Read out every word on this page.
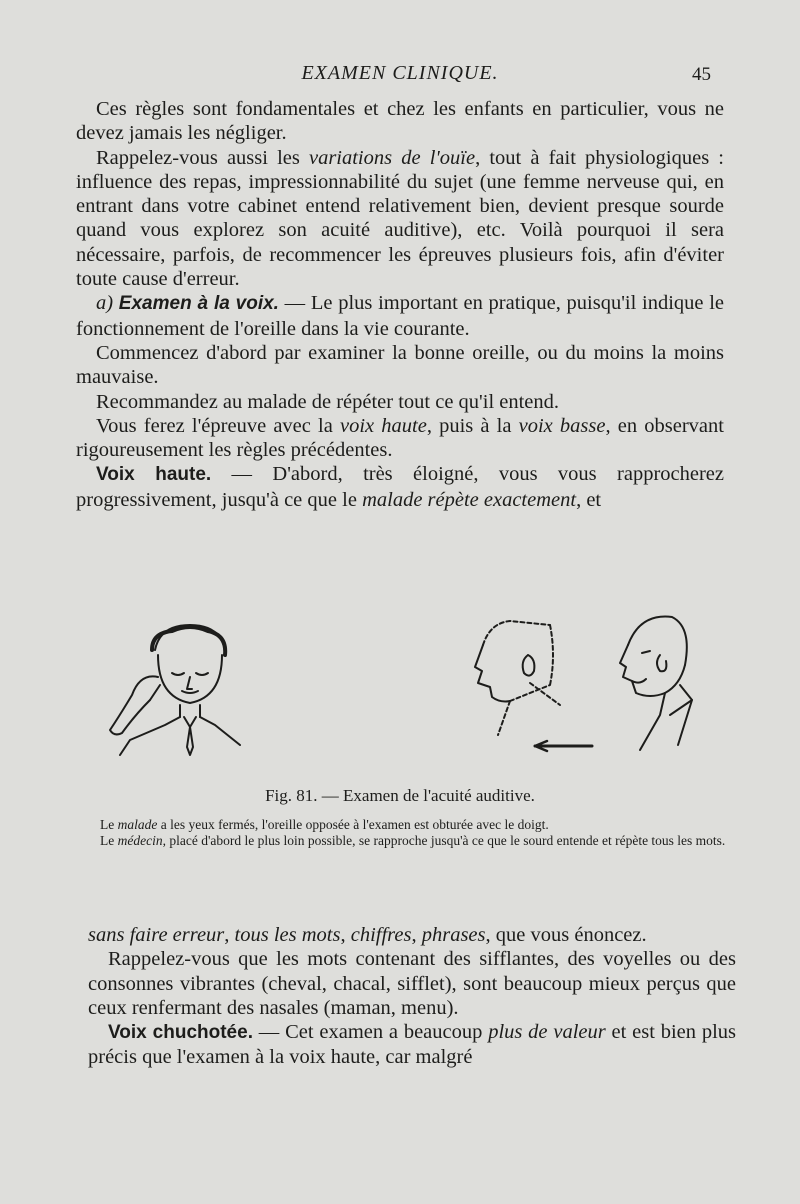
EXAMEN CLINIQUE.	45

Ces règles sont fondamentales et chez les enfants en particulier, vous ne devez jamais les négliger.

Rappelez-vous aussi les variations de l'ouïe, tout à fait physiologiques : influence des repas, impressionnabilité du sujet (une femme nerveuse qui, en entrant dans votre cabinet entend relativement bien, devient presque sourde quand vous explorez son acuité auditive), etc. Voilà pourquoi il sera nécessaire, parfois, de recommencer les épreuves plusieurs fois, afin d'éviter toute cause d'erreur.

a) Examen à la voix. — Le plus important en pratique, puisqu'il indique le fonctionnement de l'oreille dans la vie courante.

Commencez d'abord par examiner la bonne oreille, ou du moins la moins mauvaise.

Recommandez au malade de répéter tout ce qu'il entend.

Vous ferez l'épreuve avec la voix haute, puis à la voix basse, en observant rigoureusement les règles précédentes.

Voix haute. — D'abord, très éloigné, vous vous rapprocherez progressivement, jusqu'à ce que le malade répète exactement, et

Fig. 81. — Examen de l'acuité auditive.

Le malade a les yeux fermés, l'oreille opposée à l'examen est obturée avec le doigt.

Le médecin, placé d'abord le plus loin possible, se rapproche jusqu'à ce que le sourd entende et répète tous les mots.

sans faire erreur, tous les mots, chiffres, phrases, que vous énoncez.

Rappelez-vous que les mots contenant des sifflantes, des voyelles ou des consonnes vibrantes (cheval, chacal, sifflet), sont beaucoup mieux perçus que ceux renfermant des nasales (maman, menu).

Voix chuchotée. — Cet examen a beaucoup plus de valeur et est bien plus précis que l'examen à la voix haute, car malgré
